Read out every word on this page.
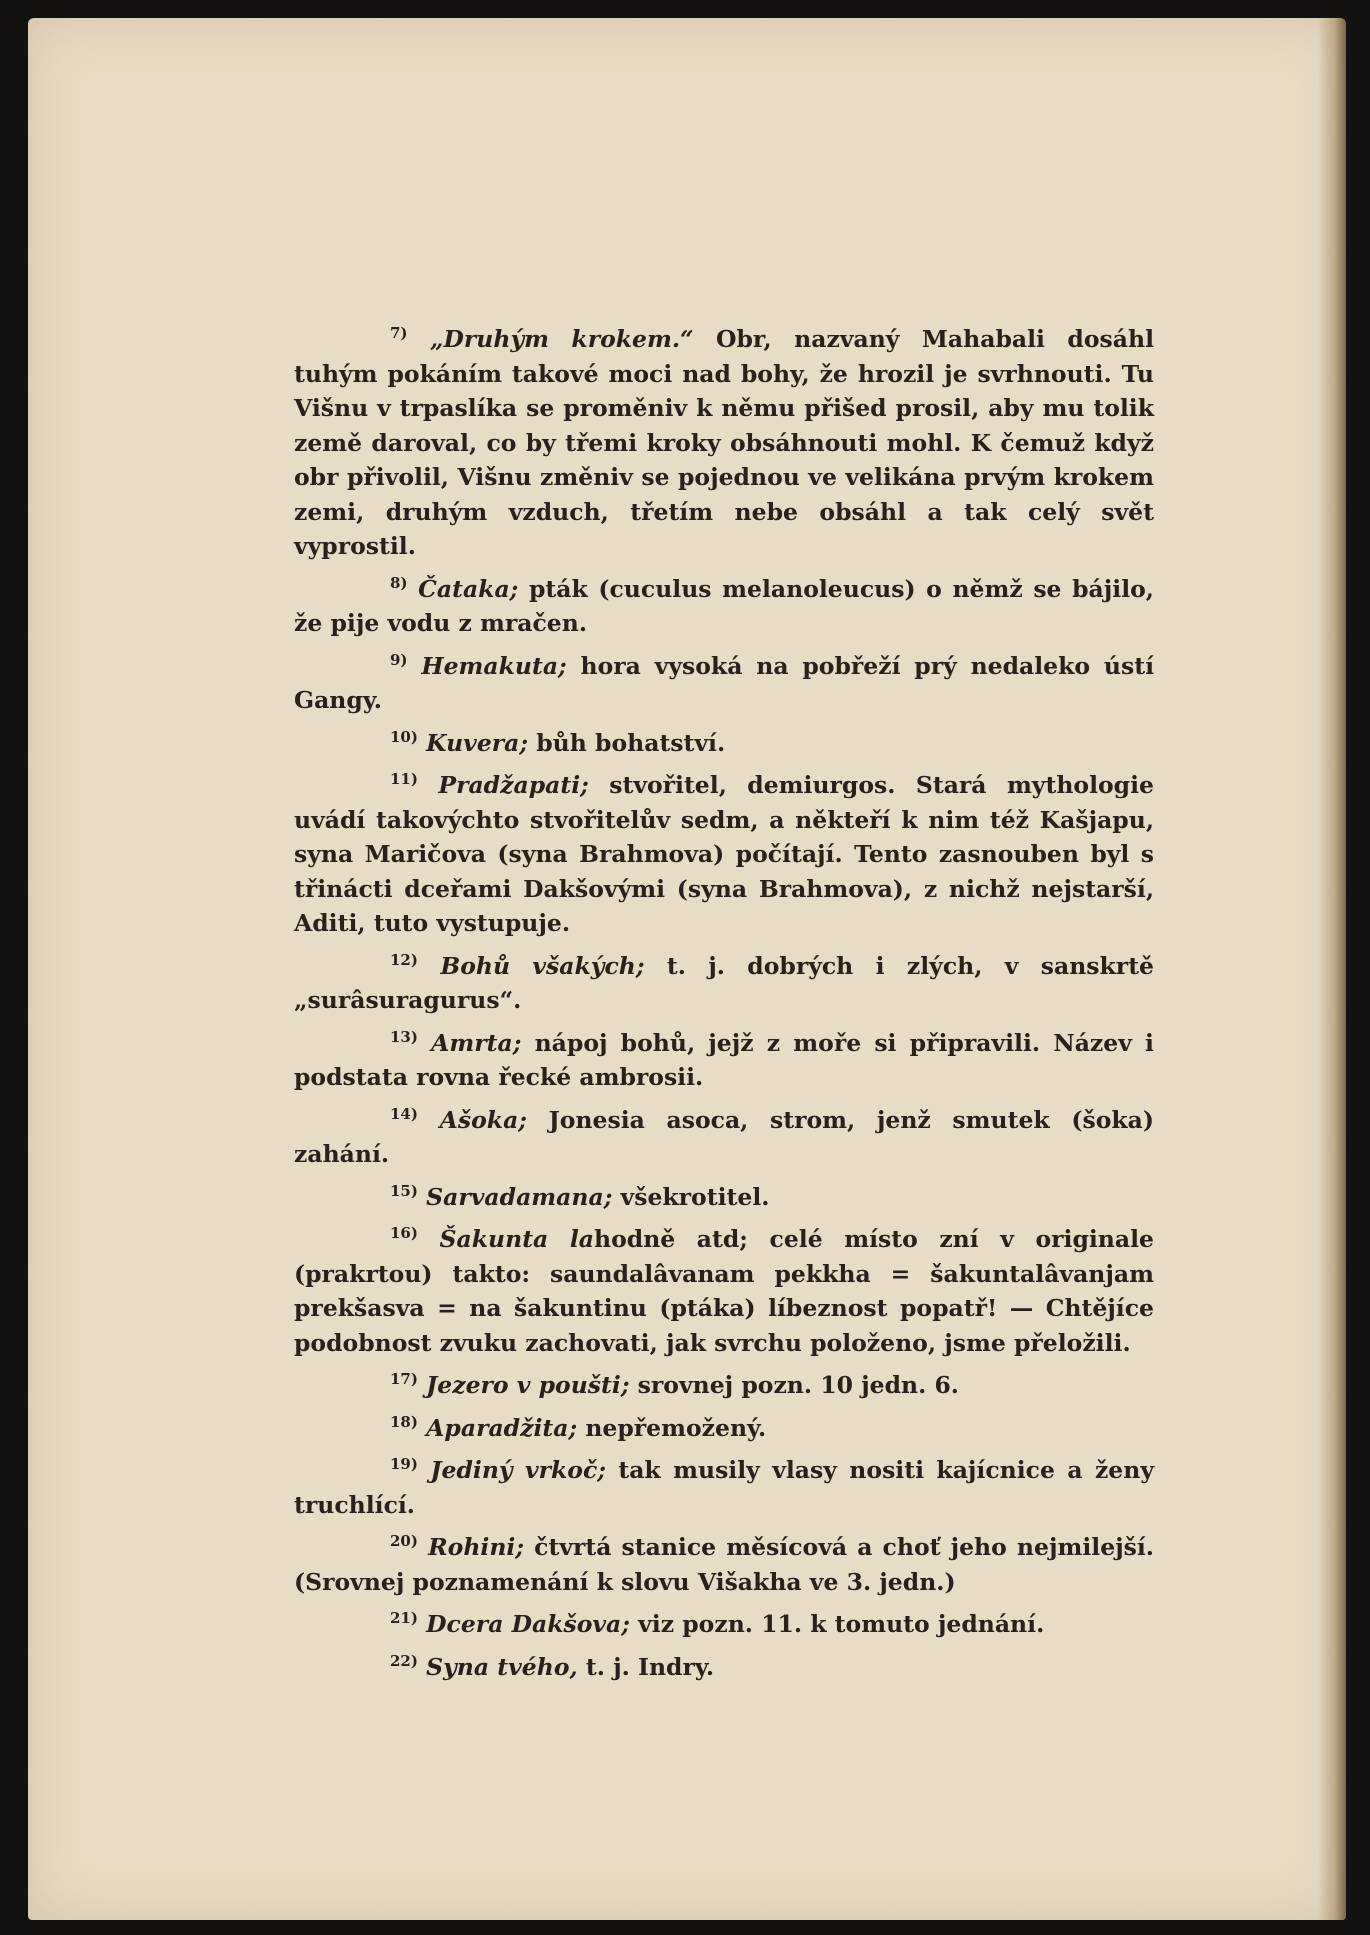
$^{7)}$ „Druhým krokem.“ Obr, nazvaný Mahabali dosáhl tuhým pokáním takové moci nad bohy, že hrozil je svrhnouti. Tu Višnu v trpaslíka se proměniv k němu přišed prosil, aby mu tolik země daroval, co by třemi kroky obsáhnouti mohl. K čemuž když obr přivolil, Višnu změniv se pojednou ve velikána prvým krokem zemi, druhým vzduch, třetím nebe obsáhl a tak celý svět vyprostil.

$^{8)}$ Čataka; pták (cuculus melanoleucus) o němž se bájilo, že pije vodu z mračen.

$^{9)}$ Hemakuta; hora vysoká na pobřeží prý nedaleko ústí Gangy.

$^{10)}$ Kuvera; bůh bohatství.

$^{11)}$ Pradžapati; stvořitel, demiurgos. Stará mythologie uvádí takovýchto stvořitelův sedm, a někteří k nim též Kašjapu, syna Maričova (syna Brahmova) počítají. Tento zasnouben byl s třinácti dceřami Dakšovými (syna Brahmova), z nichž nejstarší, Aditi, tuto vystupuje.

$^{12)}$ Bohů všakých; t. j. dobrých i zlých, v sanskrtě „surâsuragurus“.

$^{13)}$ Amrta; nápoj bohů, jejž z moře si připravili. Název i podstata rovna řecké ambrosii.

$^{14)}$ Ašoka; Jonesia asoca, strom, jenž smutek (šoka) zahání.

$^{15)}$ Sarvadamana; všekrotitel.

$^{16)}$ Šakunta lahodně atd; celé místo zní v originale (prakrtou) takto: saundalâvanam pekkha = šakuntalâvanjam prekšasva = na šakuntinu (ptáka) líbeznost popatř! — Chtějíce podobnost zvuku zachovati, jak svrchu položeno, jsme přeložili.

$^{17)}$ Jezero v poušti; srovnej pozn. 10 jedn. 6.

$^{18)}$ Aparadžita; nepřemožený.

$^{19)}$ Jediný vrkoč; tak musily vlasy nositi kajícnice a ženy truchlící.

$^{20)}$ Rohini; čtvrtá stanice měsícová a choť jeho nejmilejší. (Srovnej poznamenání k slovu Višakha ve 3. jedn.)

$^{21)}$ Dcera Dakšova; viz pozn. 11. k tomuto jednání.

$^{22)}$ Syna tvého, t. j. Indry.
